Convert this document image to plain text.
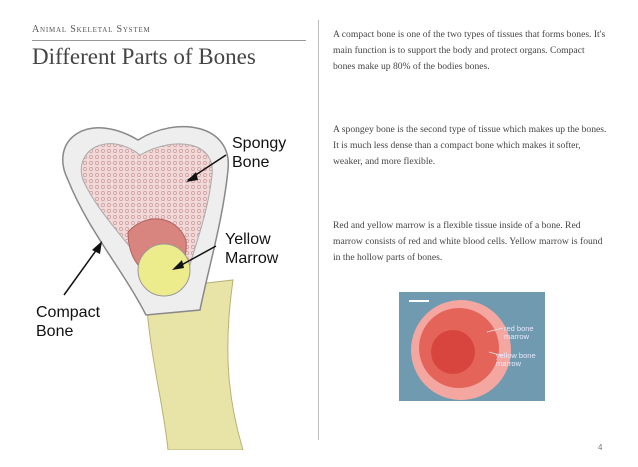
Animal Skeletal System
Different Parts of Bones
Spongy
Bone
Yellow
Marrow
Compact
Bone
A compact bone is one of the two types of tissues that forms bones. It's main function is to support the body and protect organs. Compact bones make up 80% of the bodies bones.
A spongey bone is the second type of tissue which makes up the bones. It is much less dense than a compact bone which makes it softer, weaker, and more flexible.
Red and yellow marrow is a flexible tissue inside of a bone. Red marrow consists of red and white blood cells. Yellow marrow is found in the hollow parts of bones.
red bone
marrow
yellow bone
marrow
4
